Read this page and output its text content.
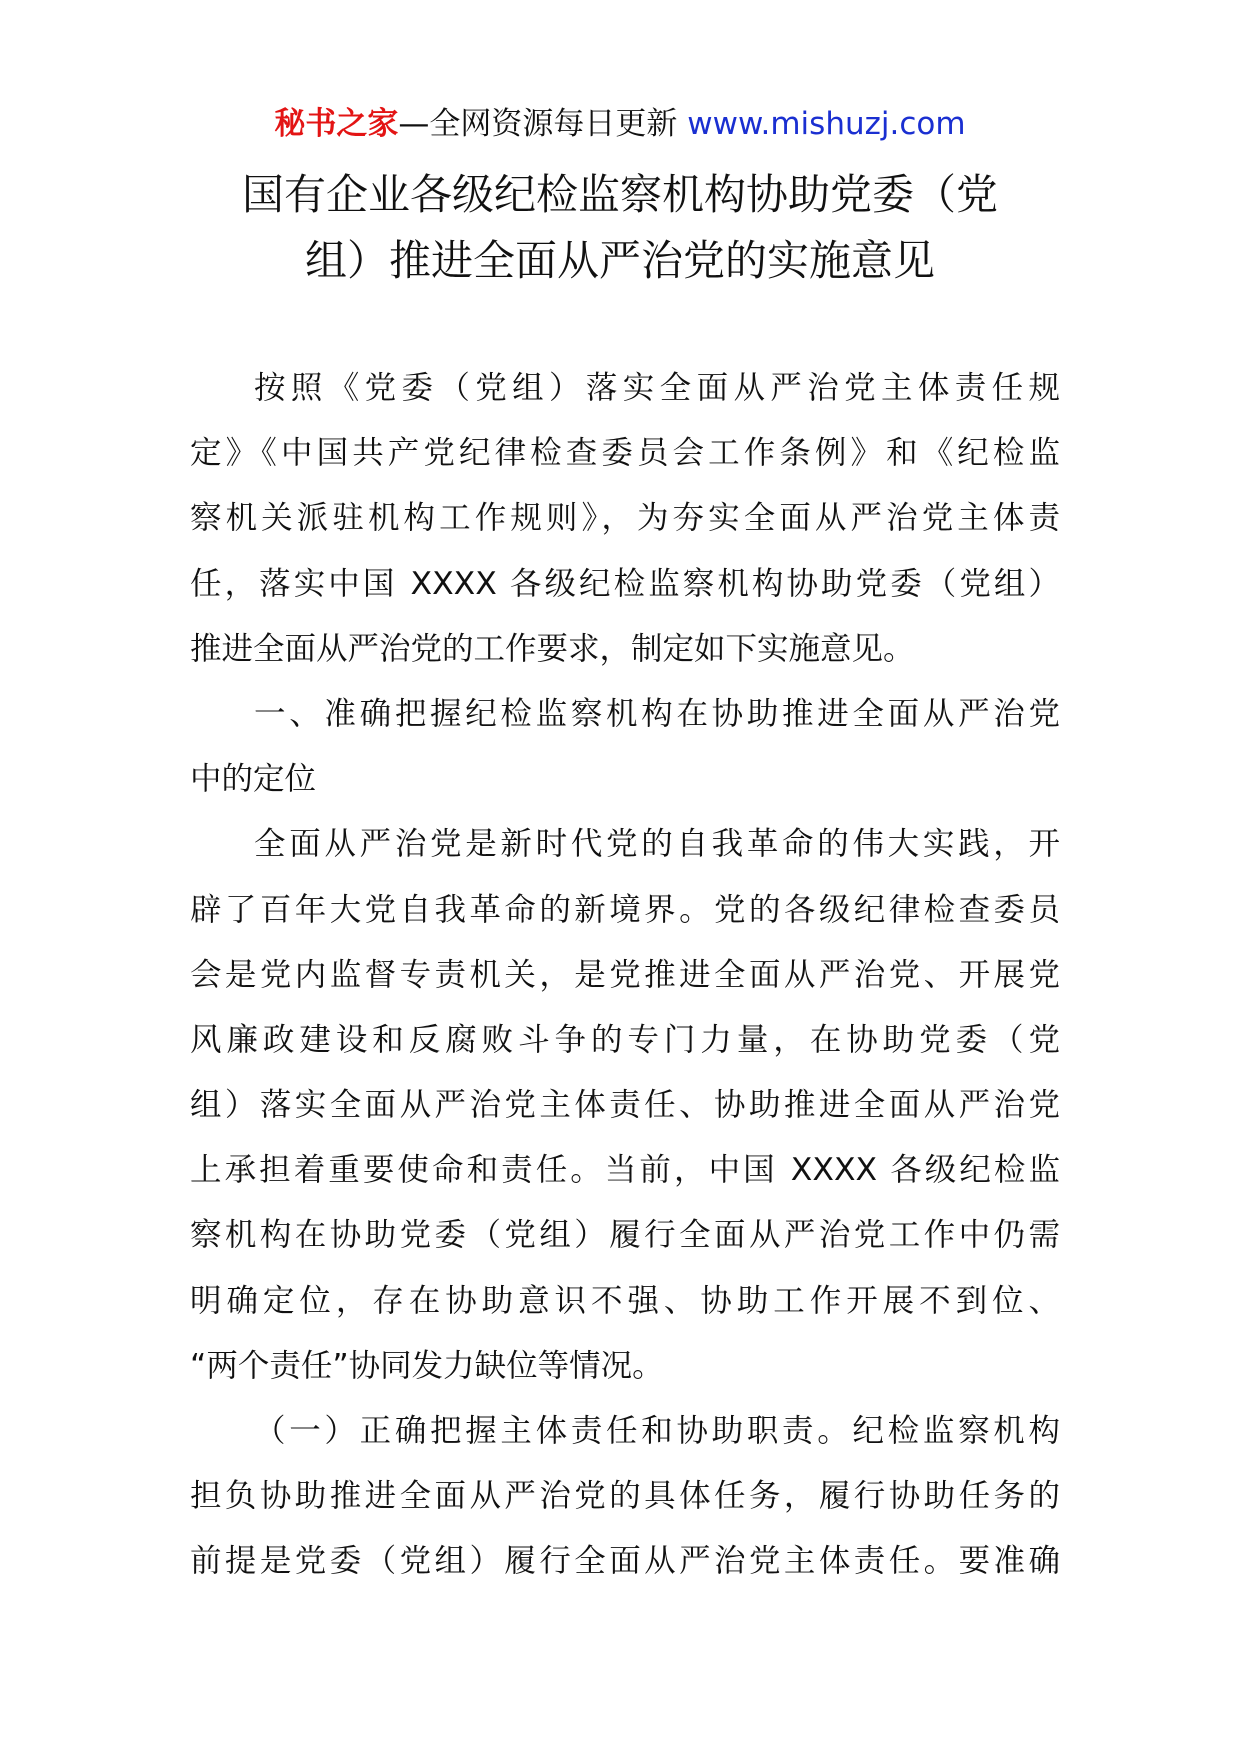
秘书之家—全网资源每日更新 www.mishuzj.com
国有企业各级纪检监察机构协助党委（党
组）推进全面从严治党的实施意见
按照《党委（党组）落实全面从严治党主体责任规
定》《中国共产党纪律检查委员会工作条例》和《纪检监
察机关派驻机构工作规则》，为夯实全面从严治党主体责
任，落实中国 XXXX 各级纪检监察机构协助党委（党组）
推进全面从严治党的工作要求，制定如下实施意见。
一、准确把握纪检监察机构在协助推进全面从严治党
中的定位
全面从严治党是新时代党的自我革命的伟大实践，开
辟了百年大党自我革命的新境界。党的各级纪律检查委员
会是党内监督专责机关，是党推进全面从严治党、开展党
风廉政建设和反腐败斗争的专门力量，在协助党委（党
组）落实全面从严治党主体责任、协助推进全面从严治党
上承担着重要使命和责任。当前，中国 XXXX 各级纪检监
察机构在协助党委（党组）履行全面从严治党工作中仍需
明确定位，存在协助意识不强、协助工作开展不到位、
“两个责任”协同发力缺位等情况。
（一）正确把握主体责任和协助职责。纪检监察机构
担负协助推进全面从严治党的具体任务，履行协助任务的
前提是党委（党组）履行全面从严治党主体责任。要准确
